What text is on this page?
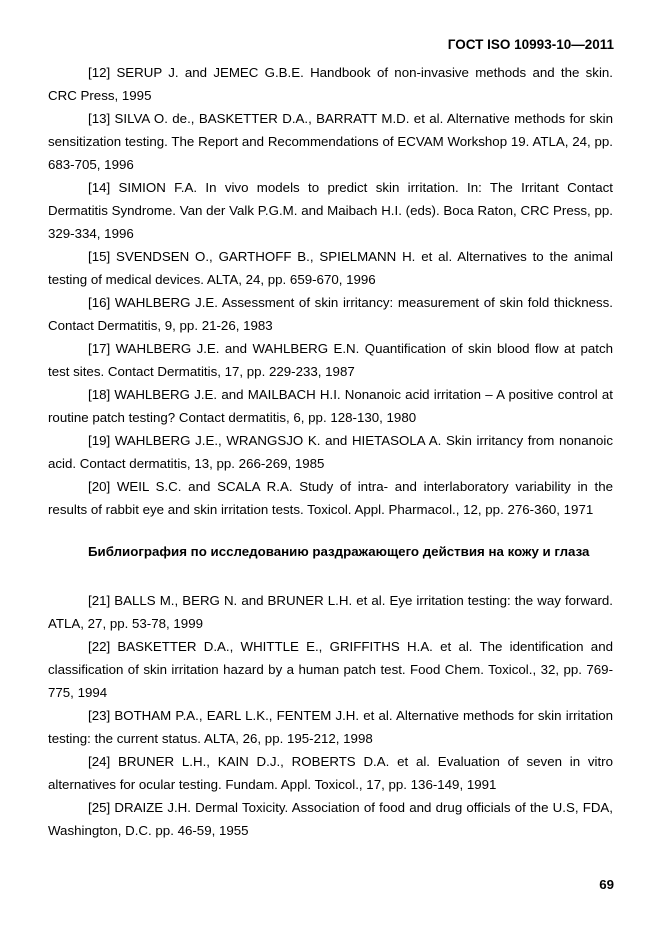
ГОСТ ISO 10993-10—2011

[12] SERUP J. and JEMEC G.B.E. Handbook of non-invasive methods and the skin. CRC Press, 1995

[13] SILVA O. de., BASKETTER D.A., BARRATT M.D. et al. Alternative methods for skin sensitization testing. The Report and Recommendations of ECVAM Workshop 19. ATLA, 24, pp. 683-705, 1996

[14] SIMION F.A. In vivo models to predict skin irritation. In: The Irritant Contact Dermatitis Syndrome. Van der Valk P.G.M. and Maibach H.I. (eds). Boca Raton, CRC Press, pp. 329-334, 1996

[15] SVENDSEN O., GARTHOFF B., SPIELMANN H. et al. Alternatives to the animal testing of medical devices. ALTA, 24, pp. 659-670, 1996

[16] WAHLBERG J.E. Assessment of skin irritancy: measurement of skin fold thickness. Contact Dermatitis, 9, pp. 21-26, 1983

[17] WAHLBERG J.E. and WAHLBERG E.N. Quantification of skin blood flow at patch test sites. Contact Dermatitis, 17, pp. 229-233, 1987

[18] WAHLBERG J.E. and MAILBACH H.I. Nonanoic acid irritation – A positive control at routine patch testing? Contact dermatitis, 6, pp. 128-130, 1980

[19] WAHLBERG J.E., WRANGSJO K. and HIETASOLA A. Skin irritancy from nonanoic acid. Contact dermatitis, 13, pp. 266-269, 1985

[20] WEIL S.C. and SCALA R.A. Study of intra- and interlaboratory variability in the results of rabbit eye and skin irritation tests. Toxicol. Appl. Pharmacol., 12, pp. 276-360, 1971

Библиография по исследованию раздражающего действия на кожу и глаза

[21] BALLS M., BERG N. and BRUNER L.H. et al. Eye irritation testing: the way forward. ATLA, 27, pp. 53-78, 1999

[22] BASKETTER D.A., WHITTLE E., GRIFFITHS H.A. et al. The identification and classification of skin irritation hazard by a human patch test. Food Chem. Toxicol., 32, pp. 769-775, 1994

[23] BOTHAM P.A., EARL L.K., FENTEM J.H. et al. Alternative methods for skin irritation testing: the current status. ALTA, 26, pp. 195-212, 1998

[24] BRUNER L.H., KAIN D.J., ROBERTS D.A. et al. Evaluation of seven in vitro alternatives for ocular testing. Fundam. Appl. Toxicol., 17, pp. 136-149, 1991

[25] DRAIZE J.H. Dermal Toxicity. Association of food and drug officials of the U.S, FDA, Washington, D.C. pp. 46-59, 1955

69
